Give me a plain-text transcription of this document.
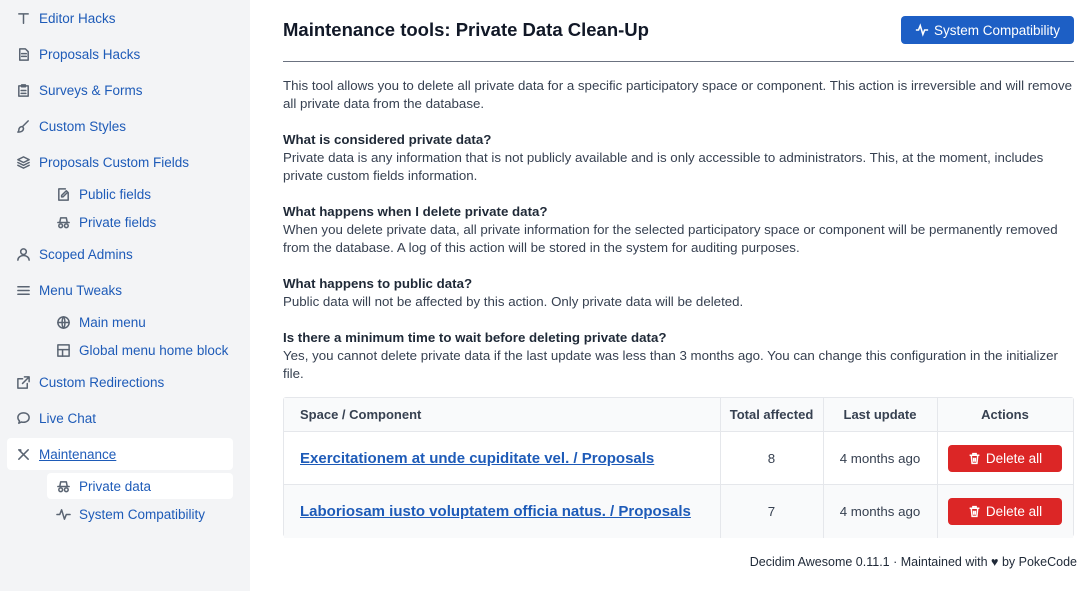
Editor Hacks
Proposals Hacks
Surveys & Forms
Custom Styles
Proposals Custom Fields
Public fields
Private fields
Scoped Admins
Menu Tweaks
Main menu
Global menu home block
Custom Redirections
Live Chat
Maintenance
Private data
System Compatibility
Maintenance tools: Private Data Clean-Up	System Compatibility

This tool allows you to delete all private data for a specific participatory space or component. This action is irreversible and will remove all private data from the database.

What is considered private data?
Private data is any information that is not publicly available and is only accessible to administrators. This, at the moment, includes private custom fields information.
What happens when I delete private data?
When you delete private data, all private information for the selected participatory space or component will be permanently removed from the database. A log of this action will be stored in the system for auditing purposes.
What happens to public data?
Public data will not be affected by this action. Only private data will be deleted.
Is there a minimum time to wait before deleting private data?
Yes, you cannot delete private data if the last update was less than 3 months ago. You can change this configuration in the initializer file.
Space / Component	Total affected	Last update	Actions
Exercitationem at unde cupiditate vel. / Proposals	8	4 months ago	Delete all
Laboriosam iusto voluptatem officia natus. / Proposals	7	4 months ago	Delete all
Decidim Awesome 0.11.1 · Maintained with ♥ by PokeCode
